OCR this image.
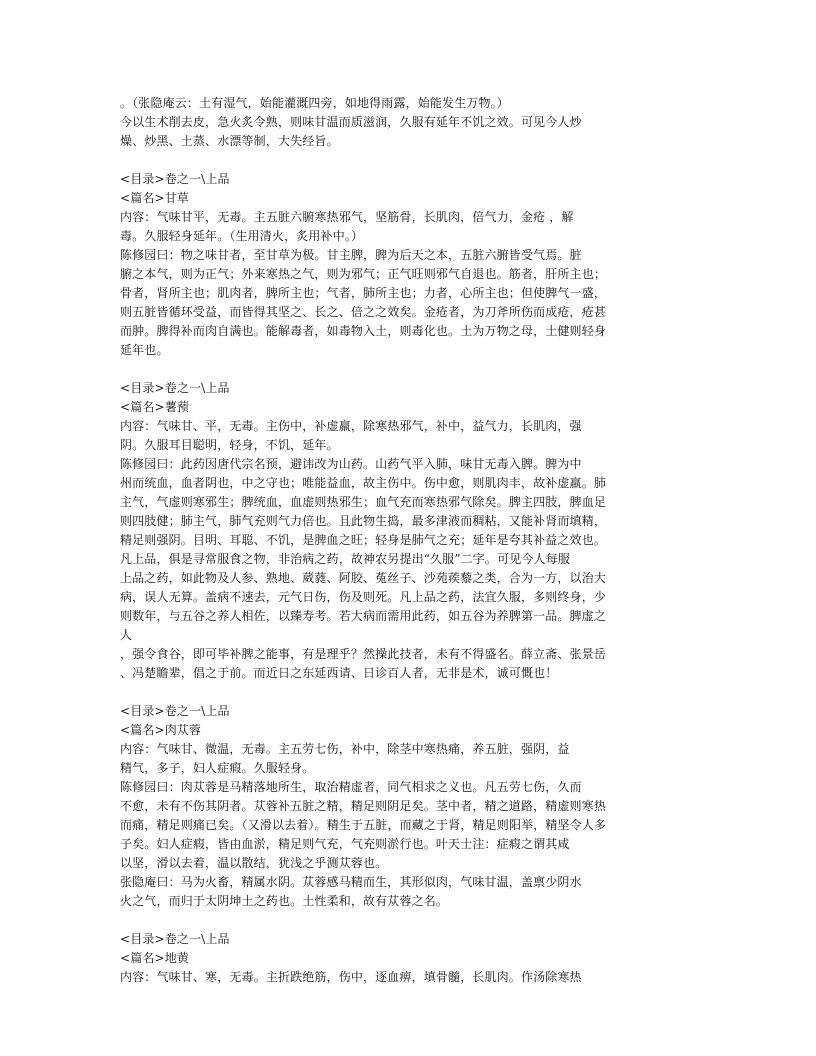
。（张隐庵云：土有湿气，始能灌溉四旁，如地得雨露，始能发生万物。）
今以生术削去皮，急火炙令熟，则味甘温而质滋润，久服有延年不饥之效。可见今人炒
燥、炒黑、土蒸、水漂等制，大失经旨。
<目录>卷之一\上品
<篇名>甘草
内容：气味甘平，无毒。主五脏六腑寒热邪气，坚筋骨，长肌肉，倍气力，金疮 ，解
毒。久服轻身延年。（生用清火，炙用补中。）
陈修园曰：物之味甘者，至甘草为极。甘主脾，脾为后天之本，五脏六腑皆受气焉。脏
腑之本气，则为正气；外来寒热之气，则为邪气；正气旺则邪气自退也。筋者，肝所主也；
骨者，肾所主也；肌肉者，脾所主也；气者，肺所主也；力者，心所主也；但使脾气一盛，
则五脏皆循环受益，而皆得其坚之、长之、倍之之效矣。金疮者，为刀斧所伤而成疮，疮甚
而肿。脾得补而肉自满也。能解毒者，如毒物入土，则毒化也。土为万物之母，土健则轻身
延年也。
<目录>卷之一\上品
<篇名>薯蓣
内容：气味甘、平，无毒。主伤中，补虚羸，除寒热邪气，补中，益气力，长肌肉，强
阴。久服耳目聪明，轻身，不饥，延年。
陈修园曰：此药因唐代宗名预，避讳改为山药。山药气平入肺，味甘无毒入脾。脾为中
州而统血，血者阴也，中之守也；唯能益血，故主伤中。伤中愈，则肌肉丰，故补虚羸。肺
主气，气虚则寒邪生；脾统血，血虚则热邪生；血气充而寒热邪气除矣。脾主四肢，脾血足
则四肢健；肺主气，肺气充则气力倍也。且此物生捣，最多津液而稠粘，又能补肾而填精，
精足则强阴。目明、耳聪、不饥，是脾血之旺；轻身是肺气之充；延年是夸其补益之效也。
凡上品，俱是寻常服食之物，非治病之药，故神农另提出“久服”二字。可见今人每服
上品之药，如此物及人参、熟地、葳蕤、阿胶、菟丝子、沙苑蒺藜之类，合为一方，以治大
病，误人无算。盖病不速去，元气日伤，伤及则死。凡上品之药，法宜久服，多则终身，少
则数年，与五谷之养人相佐，以臻寿考。若大病而需用此药，如五谷为养脾第一品。脾虚之
人
，强令食谷，即可毕补脾之能事，有是理乎？然操此技者，未有不得盛名。薛立斋、张景岳
、冯楚瞻辈，倡之于前。而近日之东延西请、日诊百人者，无非是术，诚可慨也！
<目录>卷之一\上品
<篇名>肉苁蓉
内容：气味甘、微温，无毒。主五劳七伤，补中，除茎中寒热痛，养五脏，强阴，益
精气，多子，妇人症瘕。久服轻身。
陈修园曰：肉苁蓉是马精落地所生，取治精虚者，同气相求之义也。凡五劳七伤，久而
不愈，未有不伤其阴者。苁蓉补五脏之精，精足则阴足矣。茎中者，精之道路，精虚则寒热
而痛，精足则痛已矣。（又滑以去着）。精生于五脏，而藏之于肾，精足则阳举，精坚令人多
子矣。妇人症瘕，皆由血淤，精足则气充，气充则淤行也。叶天士注：症瘕之谓其咸
以坚，滑以去着，温以散结，犹浅之乎测苁蓉也。
张隐庵曰：马为火畜，精属水阴。苁蓉感马精而生，其形似肉，气味甘温，盖禀少阴水
火之气，而归于太阴坤土之药也。土性柔和，故有苁蓉之名。
<目录>卷之一\上品
<篇名>地黄
内容：气味甘、寒，无毒。主折跌绝筋，伤中，逐血痹，填骨髓，长肌肉。作汤除寒热
